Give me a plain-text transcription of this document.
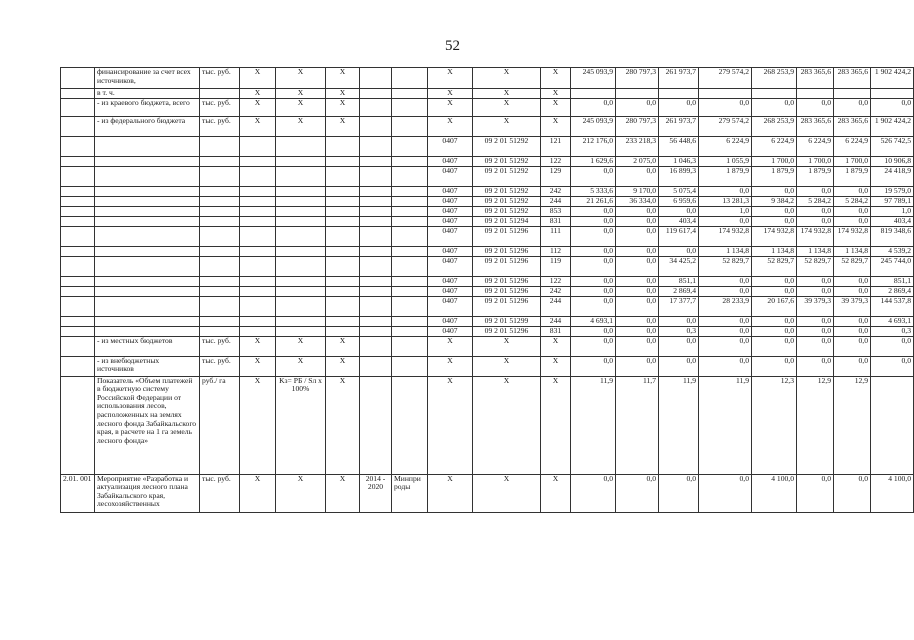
52
	финансирование за счет всех источников,	тыс. руб.	Х	Х	Х			Х	Х	Х	245 093,9	280 797,3	261 973,7	279 574,2	268 253,9	283 365,6	283 365,6	1 902 424,2
	в т. ч.		Х	Х	Х			Х	Х	Х								
	- из краевого бюджета, всего	тыс. руб.	Х	Х	Х			Х	Х	Х	0,0	0,0	0,0	0,0	0,0	0,0	0,0	0,0
	- из федерального бюджета	тыс. руб.	Х	Х	Х			Х	Х	Х	245 093,9	280 797,3	261 973,7	279 574,2	268 253,9	283 365,6	283 365,6	1 902 424,2
								0407	09 2 01 51292	121	212 176,0	233 218,3	56 448,6	6 224,9	6 224,9	6 224,9	6 224,9	526 742,5
								0407	09 2 01 51292	122	1 629,6	2 075,0	1 046,3	1 055,9	1 700,0	1 700,0	1 700,0	10 906,8
								0407	09 2 01 51292	129	0,0	0,0	16 899,3	1 879,9	1 879,9	1 879,9	1 879,9	24 418,9
								0407	09 2 01 51292	242	5 333,6	9 170,0	5 075,4	0,0	0,0	0,0	0,0	19 579,0
								0407	09 2 01 51292	244	21 261,6	36 334,0	6 959,6	13 281,3	9 384,2	5 284,2	5 284,2	97 789,1
								0407	09 2 01 51292	853	0,0	0,0	0,0	1,0	0,0	0,0	0,0	1,0
								0407	09 2 01 51294	831	0,0	0,0	403,4	0,0	0,0	0,0	0,0	403,4
								0407	09 2 01 51296	111	0,0	0,0	119 617,4	174 932,8	174 932,8	174 932,8	174 932,8	819 348,6
								0407	09 2 01 51296	112	0,0	0,0	0,0	1 134,8	1 134,8	1 134,8	1 134,8	4 539,2
								0407	09 2 01 51296	119	0,0	0,0	34 425,2	52 829,7	52 829,7	52 829,7	52 829,7	245 744,0
								0407	09 2 01 51296	122	0,0	0,0	851,1	0,0	0,0	0,0	0,0	851,1
								0407	09 2 01 51296	242	0,0	0,0	2 869,4	0,0	0,0	0,0	0,0	2 869,4
								0407	09 2 01 51296	244	0,0	0,0	17 377,7	28 233,9	20 167,6	39 379,3	39 379,3	144 537,8
								0407	09 2 01 51299	244	4 693,1	0,0	0,0	0,0	0,0	0,0	0,0	4 693,1
								0407	09 2 01 51296	831	0,0	0,0	0,3	0,0	0,0	0,0	0,0	0,3
	- из местных бюджетов	тыс. руб.	Х	Х	Х			Х	Х	Х	0,0	0,0	0,0	0,0	0,0	0,0	0,0	0,0
	- из внебюджетных источников	тыс. руб.	Х	Х	Х			Х	Х	Х	0,0	0,0	0,0	0,0	0,0	0,0	0,0	0,0
	Показатель «Объем платежей в бюджетную систему Российской Федерации от использования лесов, расположенных на землях лесного фонда Забайкальского края, в расчете на 1 га земель лесного фонда»	руб./ га	Х	Kз= PБ / Sл x 100%	Х			Х	Х	Х	11,9	11,7	11,9	11,9	12,3	12,9	12,9	
2.01. 001	Мероприятие «Разработка и актуализация лесного плана Забайкальского края, лесохозяйственных	тыс. руб.	Х	Х	Х	2014 - 2020	Минпри роды	Х	Х	Х	0,0	0,0	0,0	0,0	4 100,0	0,0	0,0	4 100,0
